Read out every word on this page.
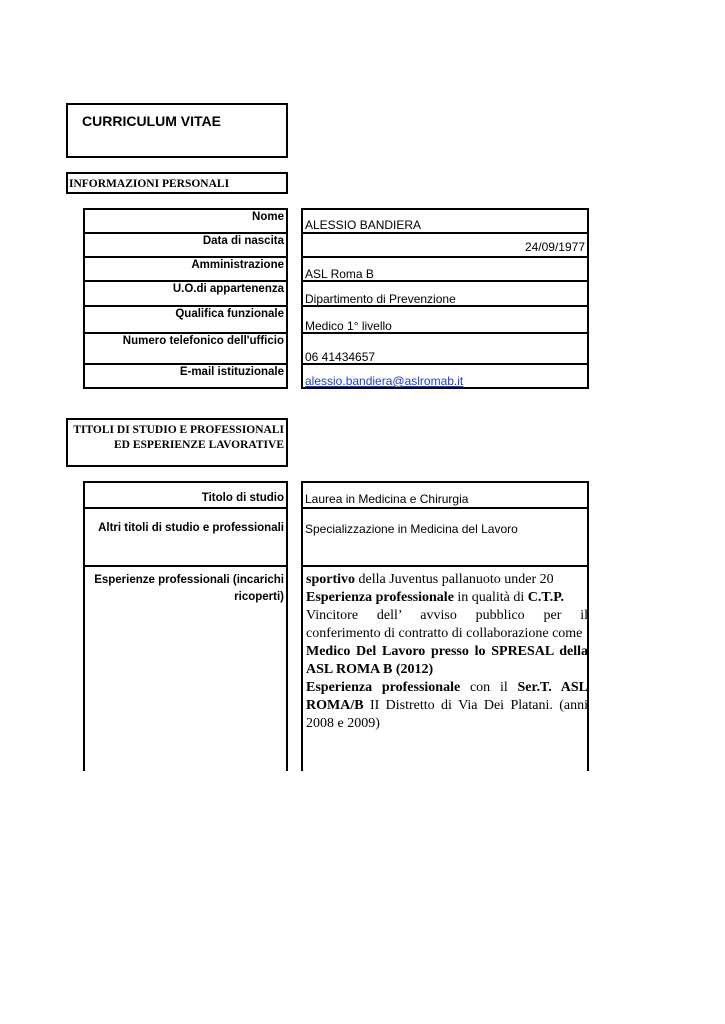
CURRICULUM VITAE
INFORMAZIONI PERSONALI
Nome
ALESSIO BANDIERA
Data di nascita	24/09/1977
Amministrazione
ASL Roma B
U.O.di appartenenza
Dipartimento di Prevenzione
Qualifica funzionale
Medico 1° livello
Numero telefonico dell'ufficio
06 41434657
E-mail istituzionale
alessio.bandiera@aslromab.it
TITOLI DI STUDIO E PROFESSIONALI ED ESPERIENZE LAVORATIVE
Titolo di studio Laurea in Medicina e Chirurgia
Altri titoli di studio e professionali Specializzazione in Medicina del Lavoro
Esperienze professionali (incarichi ricoperti)

sportivo della Juventus pallanuoto under 20

Esperienza professionale in qualità di C.T.P.

Vincitore dell’ avviso pubblico per il conferimento di contratto di collaborazione come

Medico Del Lavoro presso lo SPRESAL della ASL ROMA B (2012)

Esperienza professionale con il Ser.T. ASL ROMA/B II Distretto di Via Dei Platani. (anni 2008 e 2009)
